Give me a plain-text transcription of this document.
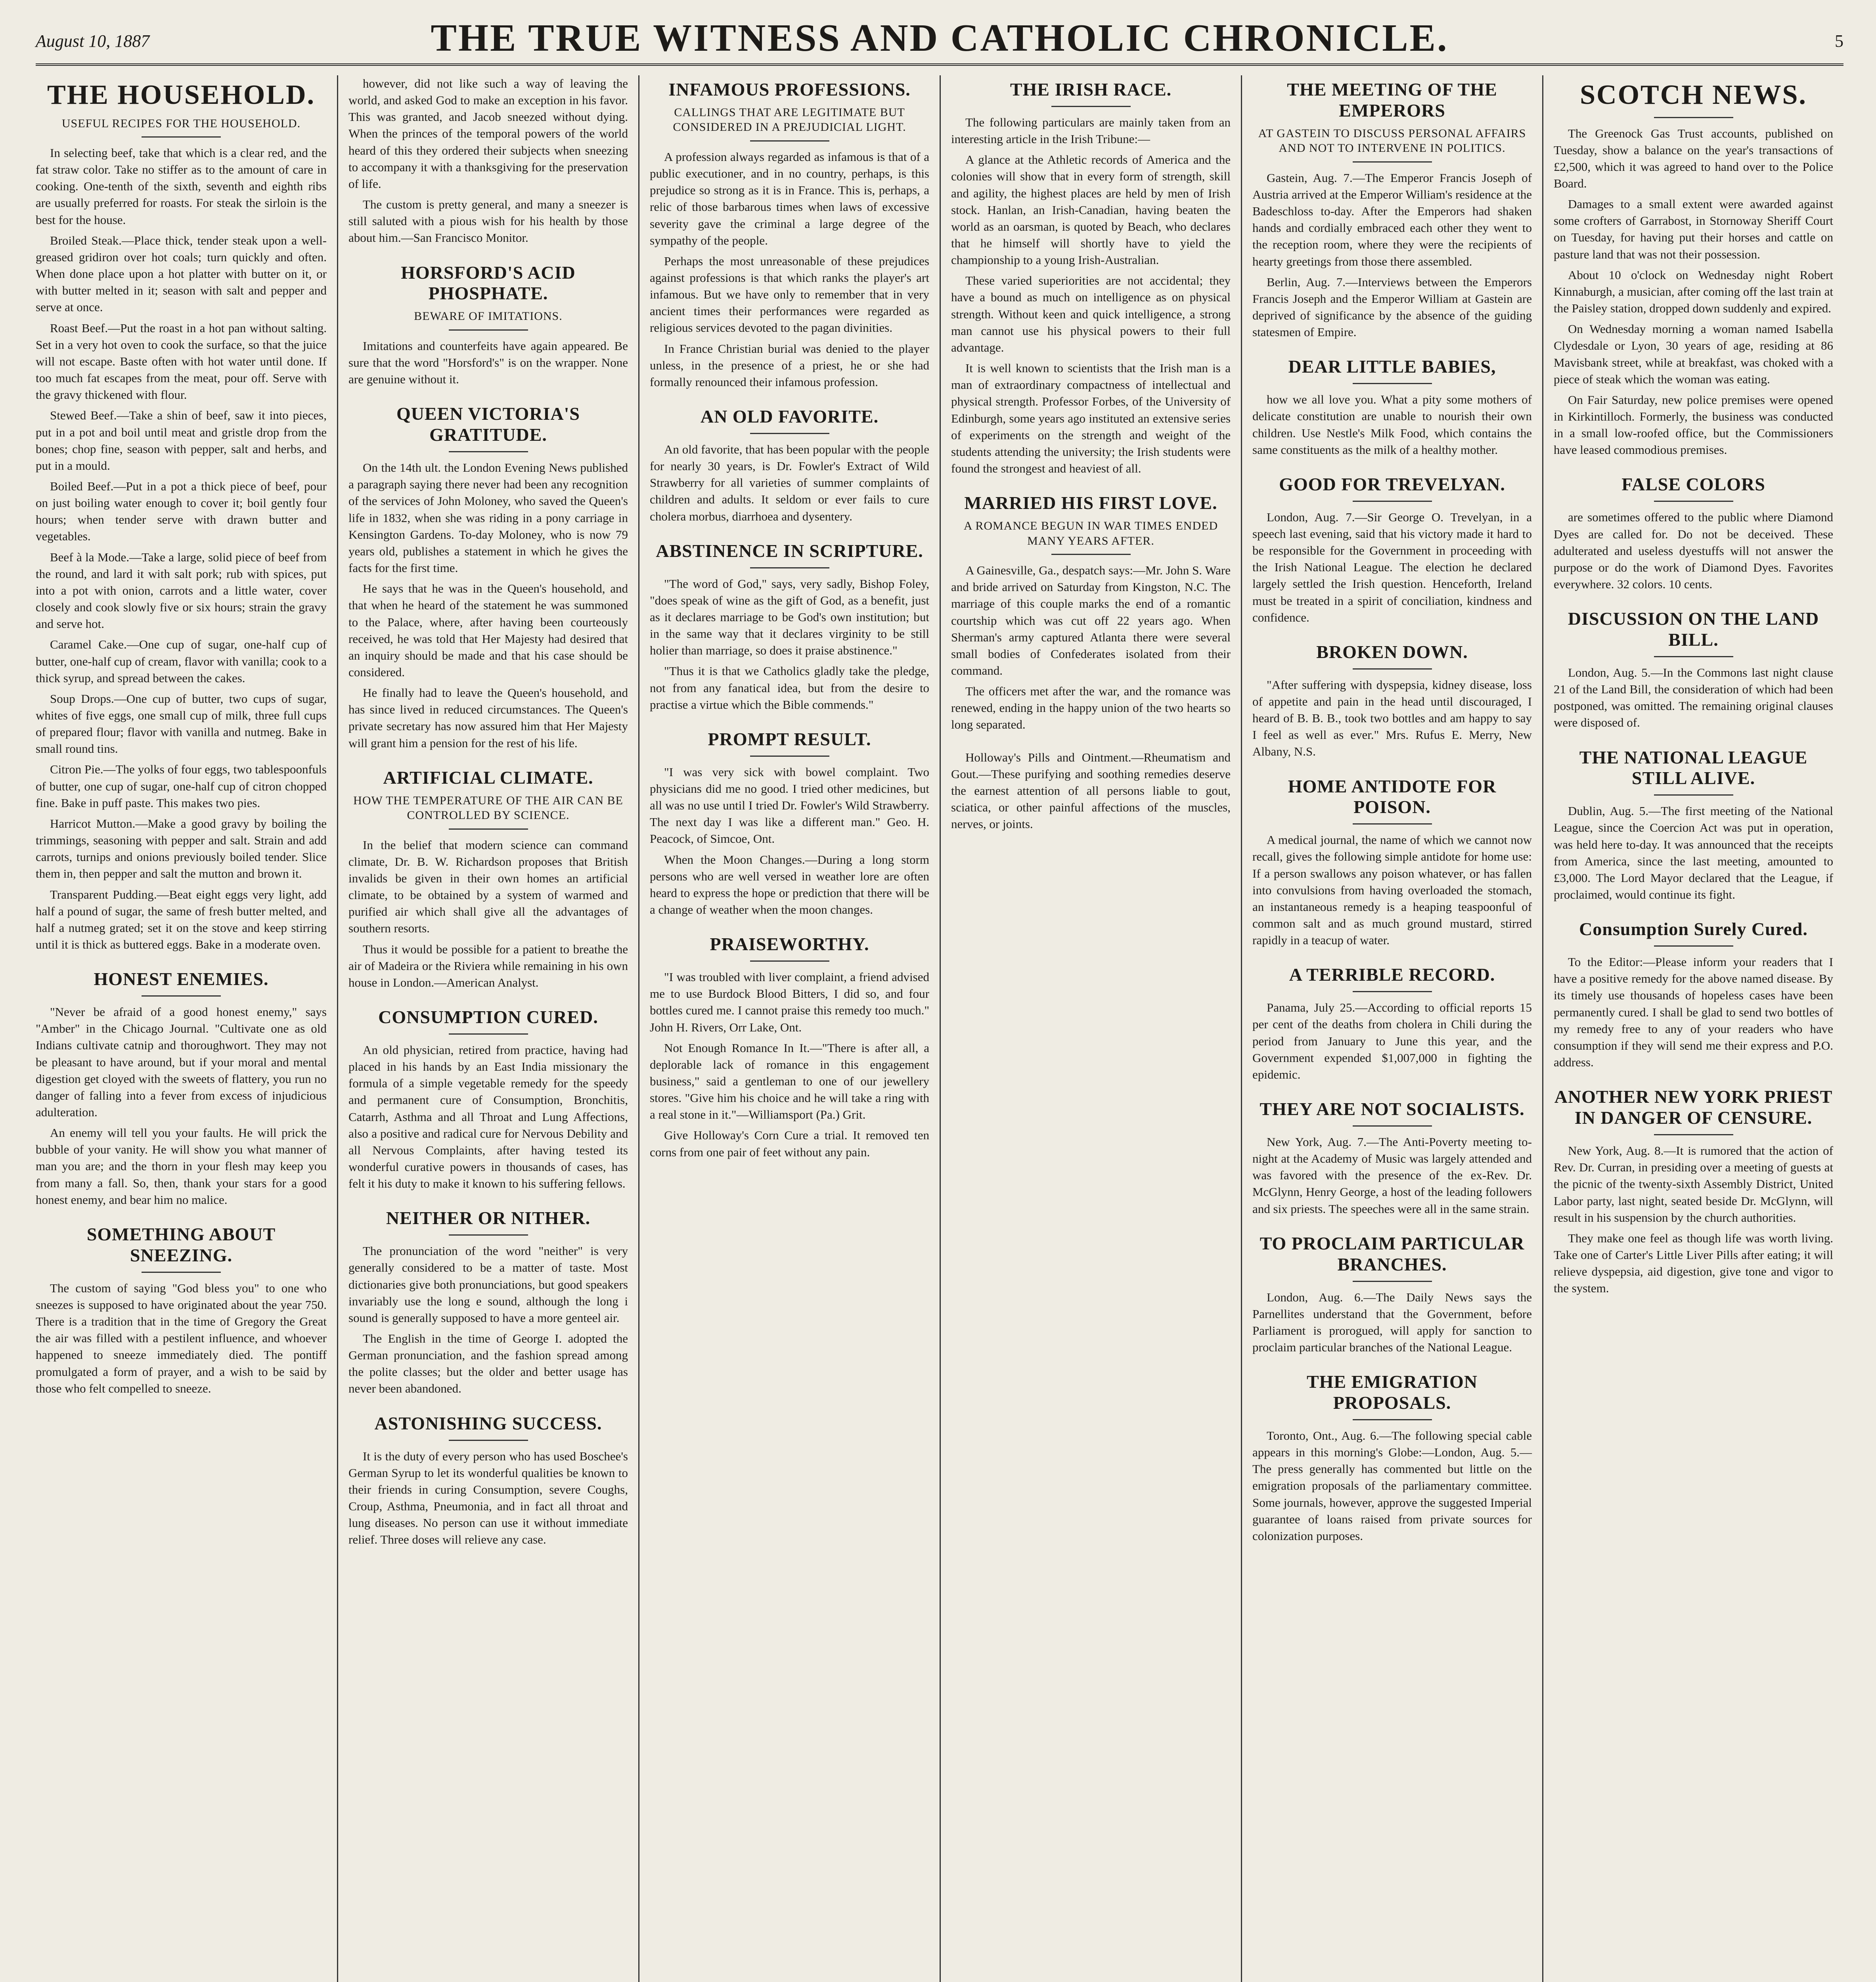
August 10, 1887	THE TRUE WITNESS AND CATHOLIC CHRONICLE.	5
THE HOUSEHOLD.
USEFUL RECIPES FOR THE HOUSEHOLD.

In selecting beef, take that which is a clear red, and the fat straw color. Take no stiffer as to the amount of care in cooking. One-tenth of the sixth, seventh and eighth ribs are usually preferred for roasts. For steak the sirloin is the best for the house.

Broiled Steak.—Place thick, tender steak upon a well-greased gridiron over hot coals; turn quickly and often. When done place upon a hot platter with butter on it, or with butter melted in it; season with salt and pepper and serve at once.

Roast Beef.—Put the roast in a hot pan without salting. Set in a very hot oven to cook the surface, so that the juice will not escape. Baste often with hot water until done. If too much fat escapes from the meat, pour off. Serve with the gravy thickened with flour.

Stewed Beef.—Take a shin of beef, saw it into pieces, put in a pot and boil until meat and gristle drop from the bones; chop fine, season with pepper, salt and herbs, and put in a mould.

Boiled Beef.—Put in a pot a thick piece of beef, pour on just boiling water enough to cover it; boil gently four hours; when tender serve with drawn butter and vegetables.

Beef à la Mode.—Take a large, solid piece of beef from the round, and lard it with salt pork; rub with spices, put into a pot with onion, carrots and a little water, cover closely and cook slowly five or six hours; strain the gravy and serve hot.

Caramel Cake.—One cup of sugar, one-half cup of butter, one-half cup of cream, flavor with vanilla; cook to a thick syrup, and spread between the cakes.

Soup Drops.—One cup of butter, two cups of sugar, whites of five eggs, one small cup of milk, three full cups of prepared flour; flavor with vanilla and nutmeg. Bake in small round tins.

Citron Pie.—The yolks of four eggs, two tablespoonfuls of butter, one cup of sugar, one-half cup of citron chopped fine. Bake in puff paste. This makes two pies.

Harricot Mutton.—Make a good gravy by boiling the trimmings, seasoning with pepper and salt. Strain and add carrots, turnips and onions previously boiled tender. Slice them in, then pepper and salt the mutton and brown it.

Transparent Pudding.—Beat eight eggs very light, add half a pound of sugar, the same of fresh butter melted, and half a nutmeg grated; set it on the stove and keep stirring until it is thick as buttered eggs. Bake in a moderate oven.

HONEST ENEMIES.

"Never be afraid of a good honest enemy," says "Amber" in the Chicago Journal. "Cultivate one as old Indians cultivate catnip and thoroughwort. They may not be pleasant to have around, but if your moral and mental digestion get cloyed with the sweets of flattery, you run no danger of falling into a fever from excess of injudicious adulteration.

An enemy will tell you your faults. He will prick the bubble of your vanity. He will show you what manner of man you are; and the thorn in your flesh may keep you from many a fall. So, then, thank your stars for a good honest enemy, and bear him no malice.

SOMETHING ABOUT SNEEZING.

The custom of saying "God bless you" to one who sneezes is supposed to have originated about the year 750. There is a tradition that in the time of Gregory the Great the air was filled with a pestilent influence, and whoever happened to sneeze immediately died. The pontiff promulgated a form of prayer, and a wish to be said by those who felt compelled to sneeze.

however, did not like such a way of leaving the world, and asked God to make an exception in his favor. This was granted, and Jacob sneezed without dying. When the princes of the temporal powers of the world heard of this they ordered their subjects when sneezing to accompany it with a thanksgiving for the preservation of life.

The custom is pretty general, and many a sneezer is still saluted with a pious wish for his health by those about him.—San Francisco Monitor.

HORSFORD'S ACID PHOSPHATE.
BEWARE OF IMITATIONS.

Imitations and counterfeits have again appeared. Be sure that the word "Horsford's" is on the wrapper. None are genuine without it.

QUEEN VICTORIA'S GRATITUDE.

On the 14th ult. the London Evening News published a paragraph saying there never had been any recognition of the services of John Moloney, who saved the Queen's life in 1832, when she was riding in a pony carriage in Kensington Gardens. To-day Moloney, who is now 79 years old, publishes a statement in which he gives the facts for the first time.

He says that he was in the Queen's household, and that when he heard of the statement he was summoned to the Palace, where, after having been courteously received, he was told that Her Majesty had desired that an inquiry should be made and that his case should be considered.

He finally had to leave the Queen's household, and has since lived in reduced circumstances. The Queen's private secretary has now assured him that Her Majesty will grant him a pension for the rest of his life.

ARTIFICIAL CLIMATE.
HOW THE TEMPERATURE OF THE AIR CAN BE CONTROLLED BY SCIENCE.

In the belief that modern science can command climate, Dr. B. W. Richardson proposes that British invalids be given in their own homes an artificial climate, to be obtained by a system of warmed and purified air which shall give all the advantages of southern resorts.

Thus it would be possible for a patient to breathe the air of Madeira or the Riviera while remaining in his own house in London.—American Analyst.

CONSUMPTION CURED.

An old physician, retired from practice, having had placed in his hands by an East India missionary the formula of a simple vegetable remedy for the speedy and permanent cure of Consumption, Bronchitis, Catarrh, Asthma and all Throat and Lung Affections, also a positive and radical cure for Nervous Debility and all Nervous Complaints, after having tested its wonderful curative powers in thousands of cases, has felt it his duty to make it known to his suffering fellows.

NEITHER OR NITHER.

The pronunciation of the word "neither" is very generally considered to be a matter of taste. Most dictionaries give both pronunciations, but good speakers invariably use the long e sound, although the long i sound is generally supposed to have a more genteel air.

The English in the time of George I. adopted the German pronunciation, and the fashion spread among the polite classes; but the older and better usage has never been abandoned.

ASTONISHING SUCCESS.

It is the duty of every person who has used Boschee's German Syrup to let its wonderful qualities be known to their friends in curing Consumption, severe Coughs, Croup, Asthma, Pneumonia, and in fact all throat and lung diseases. No person can use it without immediate relief. Three doses will relieve any case.

INFAMOUS PROFESSIONS.
CALLINGS THAT ARE LEGITIMATE BUT CONSIDERED IN A PREJUDICIAL LIGHT.

A profession always regarded as infamous is that of a public executioner, and in no country, perhaps, is this prejudice so strong as it is in France. This is, perhaps, a relic of those barbarous times when laws of excessive severity gave the criminal a large degree of the sympathy of the people.

Perhaps the most unreasonable of these prejudices against professions is that which ranks the player's art infamous. But we have only to remember that in very ancient times their performances were regarded as religious services devoted to the pagan divinities.

In France Christian burial was denied to the player unless, in the presence of a priest, he or she had formally renounced their infamous profession.

AN OLD FAVORITE.

An old favorite, that has been popular with the people for nearly 30 years, is Dr. Fowler's Extract of Wild Strawberry for all varieties of summer complaints of children and adults. It seldom or ever fails to cure cholera morbus, diarrhoea and dysentery.

ABSTINENCE IN SCRIPTURE.

"The word of God," says, very sadly, Bishop Foley, "does speak of wine as the gift of God, as a benefit, just as it declares marriage to be God's own institution; but in the same way that it declares virginity to be still holier than marriage, so does it praise abstinence."

"Thus it is that we Catholics gladly take the pledge, not from any fanatical idea, but from the desire to practise a virtue which the Bible commends."

PROMPT RESULT.

"I was very sick with bowel complaint. Two physicians did me no good. I tried other medicines, but all was no use until I tried Dr. Fowler's Wild Strawberry. The next day I was like a different man." Geo. H. Peacock, of Simcoe, Ont.

When the Moon Changes.—During a long storm persons who are well versed in weather lore are often heard to express the hope or prediction that there will be a change of weather when the moon changes.

PRAISEWORTHY.

"I was troubled with liver complaint, a friend advised me to use Burdock Blood Bitters, I did so, and four bottles cured me. I cannot praise this remedy too much." John H. Rivers, Orr Lake, Ont.

Not Enough Romance In It.—"There is after all, a deplorable lack of romance in this engagement business," said a gentleman to one of our jewellery stores. "Give him his choice and he will take a ring with a real stone in it."—Williamsport (Pa.) Grit.

Give Holloway's Corn Cure a trial. It removed ten corns from one pair of feet without any pain.

THE IRISH RACE.

The following particulars are mainly taken from an interesting article in the Irish Tribune:—

A glance at the Athletic records of America and the colonies will show that in every form of strength, skill and agility, the highest places are held by men of Irish stock. Hanlan, an Irish-Canadian, having beaten the world as an oarsman, is quoted by Beach, who declares that he himself will shortly have to yield the championship to a young Irish-Australian.

These varied superiorities are not accidental; they have a bound as much on intelligence as on physical strength. Without keen and quick intelligence, a strong man cannot use his physical powers to their full advantage.

It is well known to scientists that the Irish man is a man of extraordinary compactness of intellectual and physical strength. Professor Forbes, of the University of Edinburgh, some years ago instituted an extensive series of experiments on the strength and weight of the students attending the university; the Irish students were found the strongest and heaviest of all.

MARRIED HIS FIRST LOVE.
A ROMANCE BEGUN IN WAR TIMES ENDED MANY YEARS AFTER.

A Gainesville, Ga., despatch says:—Mr. John S. Ware and bride arrived on Saturday from Kingston, N.C. The marriage of this couple marks the end of a romantic courtship which was cut off 22 years ago. When Sherman's army captured Atlanta there were several small bodies of Confederates isolated from their command.

The officers met after the war, and the romance was renewed, ending in the happy union of the two hearts so long separated.

Holloway's Pills and Ointment.—Rheumatism and Gout.—These purifying and soothing remedies deserve the earnest attention of all persons liable to gout, sciatica, or other painful affections of the muscles, nerves, or joints.

THE MEETING OF THE EMPERORS
AT GASTEIN TO DISCUSS PERSONAL AFFAIRS AND NOT TO INTERVENE IN POLITICS.

Gastein, Aug. 7.—The Emperor Francis Joseph of Austria arrived at the Emperor William's residence at the Badeschloss to-day. After the Emperors had shaken hands and cordially embraced each other they went to the reception room, where they were the recipients of hearty greetings from those there assembled.

Berlin, Aug. 7.—Interviews between the Emperors Francis Joseph and the Emperor William at Gastein are deprived of significance by the absence of the guiding statesmen of Empire.

DEAR LITTLE BABIES,

how we all love you. What a pity some mothers of delicate constitution are unable to nourish their own children. Use Nestle's Milk Food, which contains the same constituents as the milk of a healthy mother.

GOOD FOR TREVELYAN.

London, Aug. 7.—Sir George O. Trevelyan, in a speech last evening, said that his victory made it hard to be responsible for the Government in proceeding with the Irish National League. The election he declared largely settled the Irish question. Henceforth, Ireland must be treated in a spirit of conciliation, kindness and confidence.

BROKEN DOWN.

"After suffering with dyspepsia, kidney disease, loss of appetite and pain in the head until discouraged, I heard of B. B. B., took two bottles and am happy to say I feel as well as ever." Mrs. Rufus E. Merry, New Albany, N.S.

HOME ANTIDOTE FOR POISON.

A medical journal, the name of which we cannot now recall, gives the following simple antidote for home use: If a person swallows any poison whatever, or has fallen into convulsions from having overloaded the stomach, an instantaneous remedy is a heaping teaspoonful of common salt and as much ground mustard, stirred rapidly in a teacup of water.

A TERRIBLE RECORD.

Panama, July 25.—According to official reports 15 per cent of the deaths from cholera in Chili during the period from January to June this year, and the Government expended $1,007,000 in fighting the epidemic.

THEY ARE NOT SOCIALISTS.

New York, Aug. 7.—The Anti-Poverty meeting to-night at the Academy of Music was largely attended and was favored with the presence of the ex-Rev. Dr. McGlynn, Henry George, a host of the leading followers and six priests. The speeches were all in the same strain.

TO PROCLAIM PARTICULAR BRANCHES.

London, Aug. 6.—The Daily News says the Parnellites understand that the Government, before Parliament is prorogued, will apply for sanction to proclaim particular branches of the National League.

THE EMIGRATION PROPOSALS.

Toronto, Ont., Aug. 6.—The following special cable appears in this morning's Globe:—London, Aug. 5.—The press generally has commented but little on the emigration proposals of the parliamentary committee. Some journals, however, approve the suggested Imperial guarantee of loans raised from private sources for colonization purposes.

SCOTCH NEWS.

The Greenock Gas Trust accounts, published on Tuesday, show a balance on the year's transactions of £2,500, which it was agreed to hand over to the Police Board.

Damages to a small extent were awarded against some crofters of Garrabost, in Stornoway Sheriff Court on Tuesday, for having put their horses and cattle on pasture land that was not their possession.

About 10 o'clock on Wednesday night Robert Kinnaburgh, a musician, after coming off the last train at the Paisley station, dropped down suddenly and expired.

On Wednesday morning a woman named Isabella Clydesdale or Lyon, 30 years of age, residing at 86 Mavisbank street, while at breakfast, was choked with a piece of steak which the woman was eating.

On Fair Saturday, new police premises were opened in Kirkintilloch. Formerly, the business was conducted in a small low-roofed office, but the Commissioners have leased commodious premises.

FALSE COLORS

are sometimes offered to the public where Diamond Dyes are called for. Do not be deceived. These adulterated and useless dyestuffs will not answer the purpose or do the work of Diamond Dyes. Favorites everywhere. 32 colors. 10 cents.

DISCUSSION ON THE LAND BILL.

London, Aug. 5.—In the Commons last night clause 21 of the Land Bill, the consideration of which had been postponed, was omitted. The remaining original clauses were disposed of.

THE NATIONAL LEAGUE STILL ALIVE.

Dublin, Aug. 5.—The first meeting of the National League, since the Coercion Act was put in operation, was held here to-day. It was announced that the receipts from America, since the last meeting, amounted to £3,000. The Lord Mayor declared that the League, if proclaimed, would continue its fight.

Consumption Surely Cured.

To the Editor:—Please inform your readers that I have a positive remedy for the above named disease. By its timely use thousands of hopeless cases have been permanently cured. I shall be glad to send two bottles of my remedy free to any of your readers who have consumption if they will send me their express and P.O. address.

ANOTHER NEW YORK PRIEST IN DANGER OF CENSURE.

New York, Aug. 8.—It is rumored that the action of Rev. Dr. Curran, in presiding over a meeting of guests at the picnic of the twenty-sixth Assembly District, United Labor party, last night, seated beside Dr. McGlynn, will result in his suspension by the church authorities.

They make one feel as though life was worth living. Take one of Carter's Little Liver Pills after eating; it will relieve dyspepsia, aid digestion, give tone and vigor to the system.
